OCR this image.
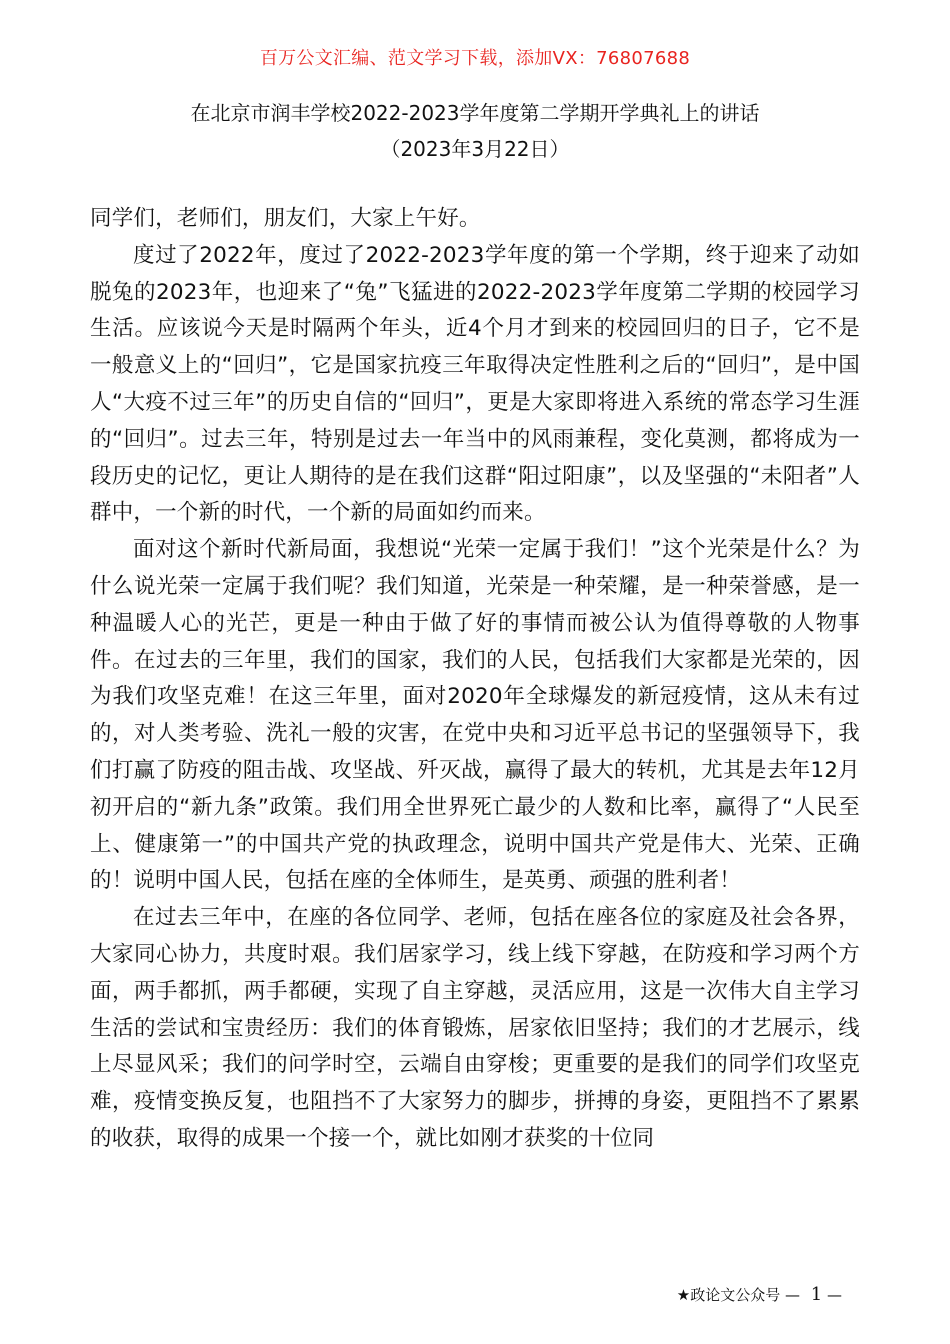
百万公文汇编、范文学习下载，添加VX：76807688
在北京市润丰学校2022-2023学年度第二学期开学典礼上的讲话
（2023年3月22日）

同学们，老师们，朋友们，大家上午好。

度过了2022年，度过了2022-2023学年度的第一个学期，终于迎来了动如脱兔的2023年，也迎来了“兔”飞猛进的2022-2023学年度第二学期的校园学习生活。应该说今天是时隔两个年头，近4个月才到来的校园回归的日子，它不是一般意义上的“回归”，它是国家抗疫三年取得决定性胜利之后的“回归”，是中国人“大疫不过三年”的历史自信的“回归”，更是大家即将进入系统的常态学习生涯的“回归”。过去三年，特别是过去一年当中的风雨兼程，变化莫测，都将成为一段历史的记忆，更让人期待的是在我们这群“阳过阳康”，以及坚强的“未阳者”人群中，一个新的时代，一个新的局面如约而来。

面对这个新时代新局面，我想说“光荣一定属于我们！”这个光荣是什么？为什么说光荣一定属于我们呢？我们知道，光荣是一种荣耀，是一种荣誉感，是一种温暖人心的光芒，更是一种由于做了好的事情而被公认为值得尊敬的人物事件。在过去的三年里，我们的国家，我们的人民，包括我们大家都是光荣的，因为我们攻坚克难！在这三年里，面对2020年全球爆发的新冠疫情，这从未有过的，对人类考验、洗礼一般的灾害，在党中央和习近平总书记的坚强领导下，我们打赢了防疫的阻击战、攻坚战、歼灭战，赢得了最大的转机，尤其是去年12月初开启的“新九条”政策。我们用全世界死亡最少的人数和比率，赢得了“人民至上、健康第一”的中国共产党的执政理念，说明中国共产党是伟大、光荣、正确的！说明中国人民，包括在座的全体师生，是英勇、顽强的胜利者！

在过去三年中，在座的各位同学、老师，包括在座各位的家庭及社会各界，大家同心协力，共度时艰。我们居家学习，线上线下穿越，在防疫和学习两个方面，两手都抓，两手都硬，实现了自主穿越，灵活应用，这是一次伟大自主学习生活的尝试和宝贵经历：我们的体育锻炼，居家依旧坚持；我们的才艺展示，线上尽显风采；我们的问学时空，云端自由穿梭；更重要的是我们的同学们攻坚克难，疫情变换反复，也阻挡不了大家努力的脚步，拼搏的身姿，更阻挡不了累累的收获，取得的成果一个接一个，就比如刚才获奖的十位同

★政论文公众号 — 1 —
